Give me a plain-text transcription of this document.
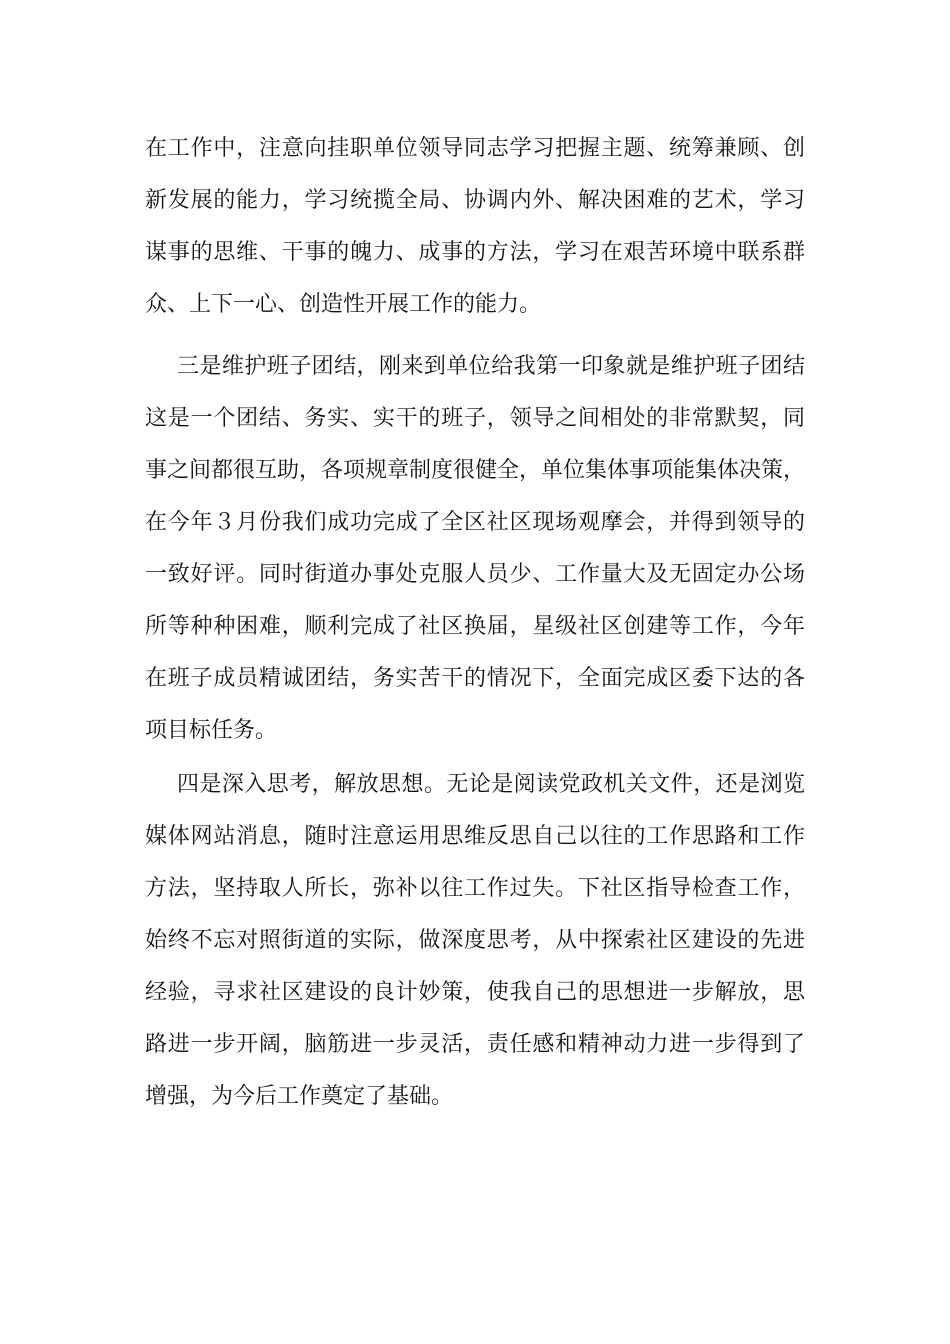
在工作中，注意向挂职单位领导同志学习把握主题、统筹兼顾、创
新发展的能力，学习统揽全局、协调内外、解决困难的艺术，学习
谋事的思维、干事的魄力、成事的方法，学习在艰苦环境中联系群
众、上下一心、创造性开展工作的能力。
三是维护班子团结，刚来到单位给我第一印象就是维护班子团结
这是一个团结、务实、实干的班子，领导之间相处的非常默契，同
事之间都很互助，各项规章制度很健全，单位集体事项能集体决策，
在今年３月份我们成功完成了全区社区现场观摩会，并得到领导的
一致好评。同时街道办事处克服人员少、工作量大及无固定办公场
所等种种困难，顺利完成了社区换届，星级社区创建等工作，今年
在班子成员精诚团结，务实苦干的情况下，全面完成区委下达的各
项目标任务。
四是深入思考，解放思想。无论是阅读党政机关文件，还是浏览
媒体网站消息，随时注意运用思维反思自己以往的工作思路和工作
方法，坚持取人所长，弥补以往工作过失。下社区指导检查工作，
始终不忘对照街道的实际，做深度思考，从中探索社区建设的先进
经验，寻求社区建设的良计妙策，使我自己的思想进一步解放，思
路进一步开阔，脑筋进一步灵活，责任感和精神动力进一步得到了
增强，为今后工作奠定了基础。
